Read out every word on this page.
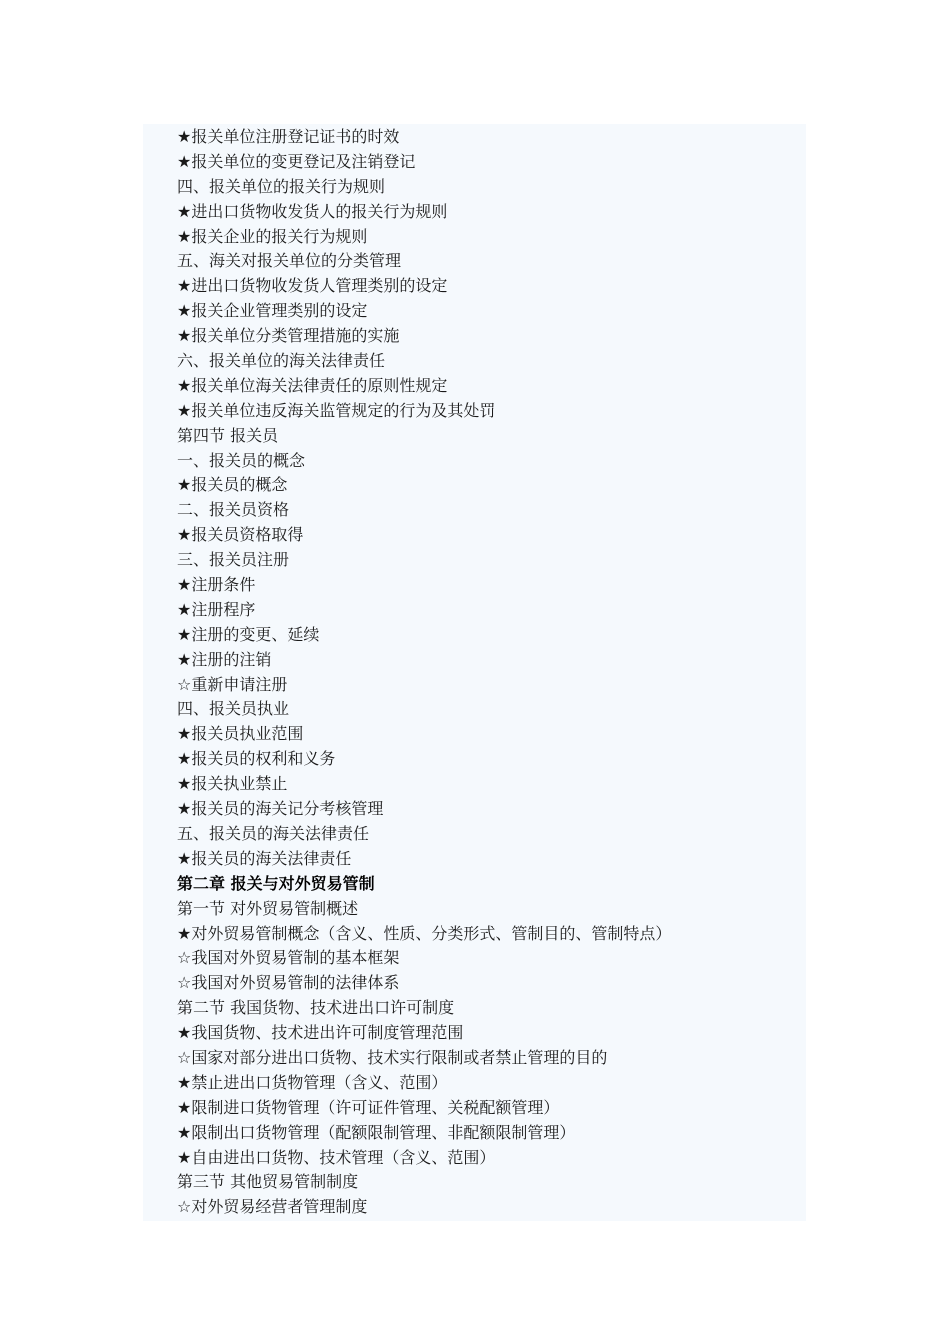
★报关单位注册登记证书的时效
★报关单位的变更登记及注销登记
四、报关单位的报关行为规则
★进出口货物收发货人的报关行为规则
★报关企业的报关行为规则
五、海关对报关单位的分类管理
★进出口货物收发货人管理类别的设定
★报关企业管理类别的设定
★报关单位分类管理措施的实施
六、报关单位的海关法律责任
★报关单位海关法律责任的原则性规定
★报关单位违反海关监管规定的行为及其处罚
第四节 报关员
一、报关员的概念
★报关员的概念
二、报关员资格
★报关员资格取得
三、报关员注册
★注册条件
★注册程序
★注册的变更、延续
★注册的注销
☆重新申请注册
四、报关员执业
★报关员执业范围
★报关员的权利和义务
★报关执业禁止
★报关员的海关记分考核管理
五、报关员的海关法律责任
★报关员的海关法律责任
第二章 报关与对外贸易管制
第一节 对外贸易管制概述
★对外贸易管制概念（含义、性质、分类形式、管制目的、管制特点）
☆我国对外贸易管制的基本框架
☆我国对外贸易管制的法律体系
第二节 我国货物、技术进出口许可制度
★我国货物、技术进出许可制度管理范围
☆国家对部分进出口货物、技术实行限制或者禁止管理的目的
★禁止进出口货物管理（含义、范围）
★限制进口货物管理（许可证件管理、关税配额管理）
★限制出口货物管理（配额限制管理、非配额限制管理）
★自由进出口货物、技术管理（含义、范围）
第三节 其他贸易管制制度
☆对外贸易经营者管理制度
